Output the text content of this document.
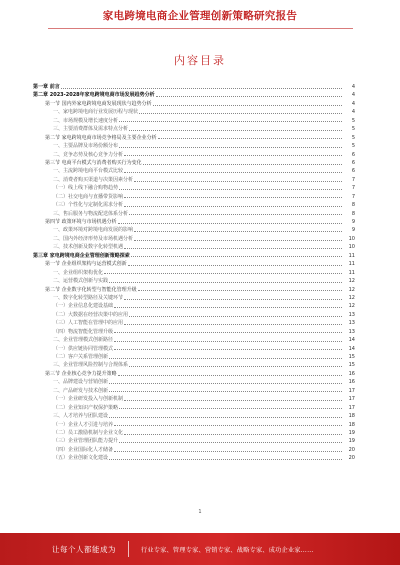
家电跨境电商企业管理创新策略研究报告
内容目录
第一章 前言	4
第二章 2023-2028年家电跨境电商市场发展趋势分析	4
第一节 国内外家电跨境电商发展现状与趋势分析	4
一、家电跨境电商行业发展历程与现状	4
二、市场规模及增长速度分析	5
三、主要消费群体及需求特点分析	5
第二节 家电跨境电商市场竞争格局及主要企业分析	5
一、主要品牌及市场份额分布	5
二、竞争态势及核心竞争力分析	6
第三节 电商平台模式与消费者购买行为变化	6
一、主流跨境电商平台模式比较	6
二、消费者购买渠道与决策因素分析	7
（一）线上线下融合购物趋势	7
（二）社交电商与直播带货影响	7
（三）个性化与定制化需求分析	8
三、售后服务与物流配送体系分析	8
第四节 政策环境与市场机遇分析	9
一、政策环境对跨境电商发展的影响	9
二、国内外经济形势及市场机遇分析	10
三、技术创新及数字化转型机遇	10
第三章 家电跨境电商企业管理创新策略探索	11
第一节 企业组织架构与运营模式创新	11
一、企业组织架构优化	11
二、运营模式创新与实践	12
第二节 企业数字化转型与智能化管理升级	12
一、数字化转型路径及关键环节	12
（一）企业信息化建设基础	12
（二）大数据在经营决策中的应用	13
（三）人工智能在管理中的应用	13
（四）物流智能化管理升级	13
二、企业管理模式创新路径	14
（一）供应链协同管理模式	14
（二）客户关系管理创新	15
三、企业管理风险控制与合规体系	15
第三节 企业核心竞争力提升策略	16
一、品牌建设与营销创新	16
二、产品研发与技术创新	17
（一）企业研发投入与创新机制	17
（二）企业知识产权保护策略	17
三、人才培养与团队建设	18
（一）企业人才引进与培养	18
（二）员工激励机制与企业文化	19
（三）企业管理团队能力提升	19
（四）企业国际化人才储备	20
（五）企业创新文化建设	20
1
让每个人都能成为	行业专家、管理专家、营销专家、战略专家、成功企业家……
